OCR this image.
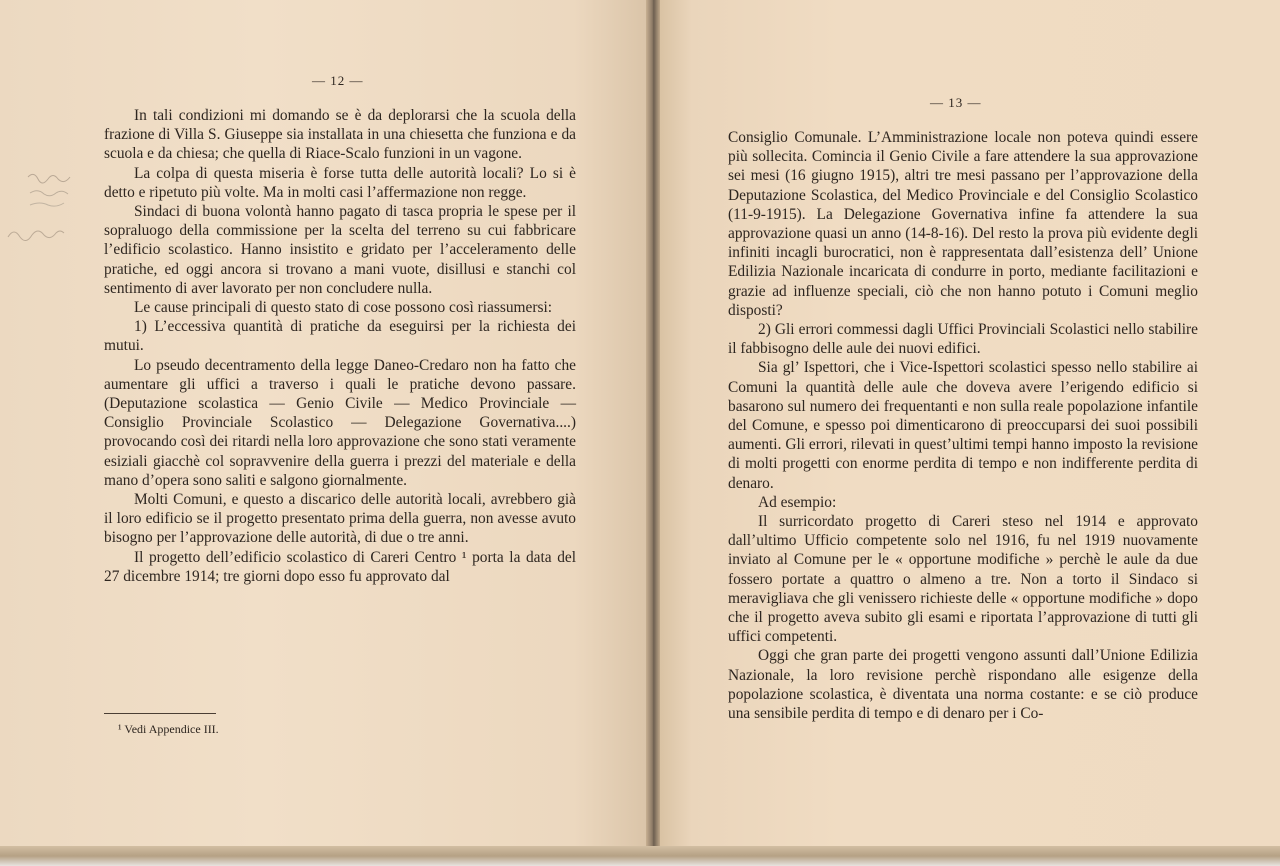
— 12 —

In tali condizioni mi domando se è da deplorarsi che la scuola della frazione di Villa S. Giuseppe sia installata in una chiesetta che funziona e da scuola e da chiesa; che quella di Riace-Scalo funzioni in un vagone.

La colpa di questa miseria è forse tutta delle autorità locali? Lo si è detto e ripetuto più volte. Ma in molti casi l’affermazione non regge.

Sindaci di buona volontà hanno pagato di tasca propria le spese per il sopraluogo della commissione per la scelta del terreno su cui fabbricare l’edificio scolastico. Hanno insistito e gridato per l’acceleramento delle pratiche, ed oggi ancora si trovano a mani vuote, disillusi e stanchi col sentimento di aver lavorato per non concludere nulla.

Le cause principali di questo stato di cose possono così riassumersi:

1) L’eccessiva quantità di pratiche da eseguirsi per la richiesta dei mutui.

Lo pseudo decentramento della legge Daneo-Credaro non ha fatto che aumentare gli uffici a traverso i quali le pratiche devono passare. (Deputazione scolastica — Genio Civile — Medico Provinciale — Consiglio Provinciale Scolastico — Delegazione Governativa....) provocando così dei ritardi nella loro approvazione che sono stati veramente esiziali giacchè col sopravvenire della guerra i prezzi del materiale e della mano d’opera sono saliti e salgono giornalmente.

Molti Comuni, e questo a discarico delle autorità locali, avrebbero già il loro edificio se il progetto presentato prima della guerra, non avesse avuto bisogno per l’approvazione delle autorità, di due o tre anni.

Il progetto dell’edificio scolastico di Careri Centro ¹ porta la data del 27 dicembre 1914; tre giorni dopo esso fu approvato dal

¹ Vedi Appendice III.
— 13 —

Consiglio Comunale. L’Amministrazione locale non poteva quindi essere più sollecita. Comincia il Genio Civile a fare attendere la sua approvazione sei mesi (16 giugno 1915), altri tre mesi passano per l’approvazione della Deputazione Scolastica, del Medico Provinciale e del Consiglio Scolastico (11-9-1915). La Delegazione Governativa infine fa attendere la sua approvazione quasi un anno (14-8-16). Del resto la prova più evidente degli infiniti incagli burocratici, non è rappresentata dall’esistenza dell’ Unione Edilizia Nazionale incaricata di condurre in porto, mediante facilitazioni e grazie ad influenze speciali, ciò che non hanno potuto i Comuni meglio disposti?

2) Gli errori commessi dagli Uffici Provinciali Scolastici nello stabilire il fabbisogno delle aule dei nuovi edifici.

Sia gl’ Ispettori, che i Vice-Ispettori scolastici spesso nello stabilire ai Comuni la quantità delle aule che doveva avere l’erigendo edificio si basarono sul numero dei frequentanti e non sulla reale popolazione infantile del Comune, e spesso poi dimenticarono di preoccuparsi dei suoi possibili aumenti. Gli errori, rilevati in quest’ultimi tempi hanno imposto la revisione di molti progetti con enorme perdita di tempo e non indifferente perdita di denaro.

Ad esempio:

Il surricordato progetto di Careri steso nel 1914 e approvato dall’ultimo Ufficio competente solo nel 1916, fu nel 1919 nuovamente inviato al Comune per le « opportune modifiche » perchè le aule da due fossero portate a quattro o almeno a tre. Non a torto il Sindaco si meravigliava che gli venissero richieste delle « opportune modifiche » dopo che il progetto aveva subito gli esami e riportata l’approvazione di tutti gli uffici competenti.

Oggi che gran parte dei progetti vengono assunti dall’Unione Edilizia Nazionale, la loro revisione perchè rispondano alle esigenze della popolazione scolastica, è diventata una norma costante: e se ciò produce una sensibile perdita di tempo e di denaro per i Co-
